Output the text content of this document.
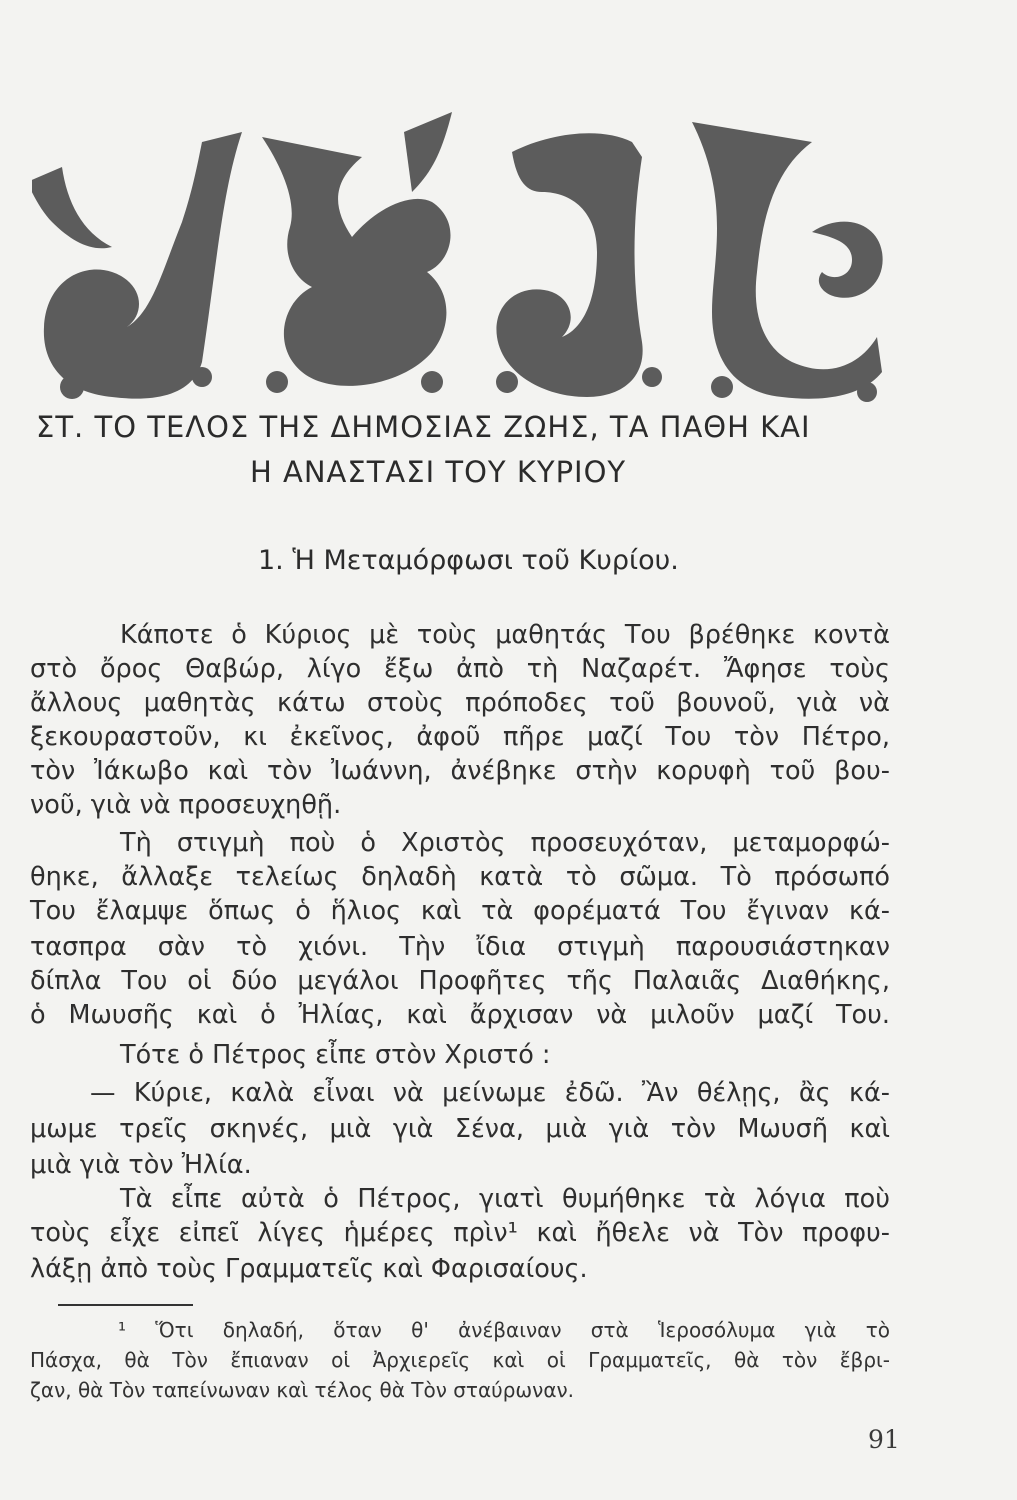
ΣΤ. ΤΟ ΤΕΛΟΣ ΤΗΣ ΔΗΜΟΣΙΑΣ ΖΩΗΣ, ΤΑ ΠΑΘΗ ΚΑΙ
Η ΑΝΑΣΤΑΣΙ ΤΟΥ ΚΥΡΙΟΥ
1. Ἡ Μεταμόρφωσι τοῦ Κυρίου.
Κάποτε ὁ Κύριος μὲ τοὺς μαθητάς Του βρέθηκε κοντὰ
στὸ ὄρος Θαβώρ, λίγο ἔξω ἀπὸ τὴ Ναζαρέτ. Ἄφησε τοὺς
ἄλλους μαθητὰς κάτω στοὺς πρόποδες τοῦ βουνοῦ, γιὰ νὰ
ξεκουραστοῦν, κι ἐκεῖνος, ἀφοῦ πῆρε μαζί Του τὸν Πέτρο,
τὸν Ἰάκωβο καὶ τὸν Ἰωάννη, ἀνέβηκε στὴν κορυφὴ τοῦ βου-
νοῦ, γιὰ νὰ προσευχηθῇ.
Τὴ στιγμὴ ποὺ ὁ Χριστὸς προσευχόταν, μεταμορφώ-
θηκε, ἄλλαξε τελείως δηλαδὴ κατὰ τὸ σῶμα. Τὸ πρόσωπό
Του ἔλαμψε ὅπως ὁ ἥλιος καὶ τὰ φορέματά Του ἔγιναν κά-
τασπρα σὰν τὸ χιόνι. Τὴν ἴδια στιγμὴ παρουσιάστηκαν
δίπλα Του οἱ δύο μεγάλοι Προφῆτες τῆς Παλαιᾶς Διαθήκης,
ὁ Μωυσῆς καὶ ὁ Ἠλίας, καὶ ἄρχισαν νὰ μιλοῦν μαζί Του.
Τότε ὁ Πέτρος εἶπε στὸν Χριστό :
— Κύριε, καλὰ εἶναι νὰ μείνωμε ἐδῶ. Ἂν θέλῃς, ἂς κά-
μωμε τρεῖς σκηνές, μιὰ γιὰ Σένα, μιὰ γιὰ τὸν Μωυσῆ καὶ
μιὰ γιὰ τὸν Ἠλία.
Τὰ εἶπε αὐτὰ ὁ Πέτρος, γιατὶ θυμήθηκε τὰ λόγια ποὺ
τοὺς εἶχε εἰπεῖ λίγες ἡμέρες πρὶν¹ καὶ ἤθελε νὰ Τὸν προφυ-
λάξῃ ἀπὸ τοὺς Γραμματεῖς καὶ Φαρισαίους.
¹ Ὅτι δηλαδή, ὅταν θ' ἀνέβαιναν στὰ Ἱεροσόλυμα γιὰ τὸ
Πάσχα, θὰ Τὸν ἔπιαναν οἱ Ἀρχιερεῖς καὶ οἱ Γραμματεῖς, θὰ τὸν ἔβρι-
ζαν, θὰ Τὸν ταπείνωναν καὶ τέλος θὰ Τὸν σταύρωναν.
91
